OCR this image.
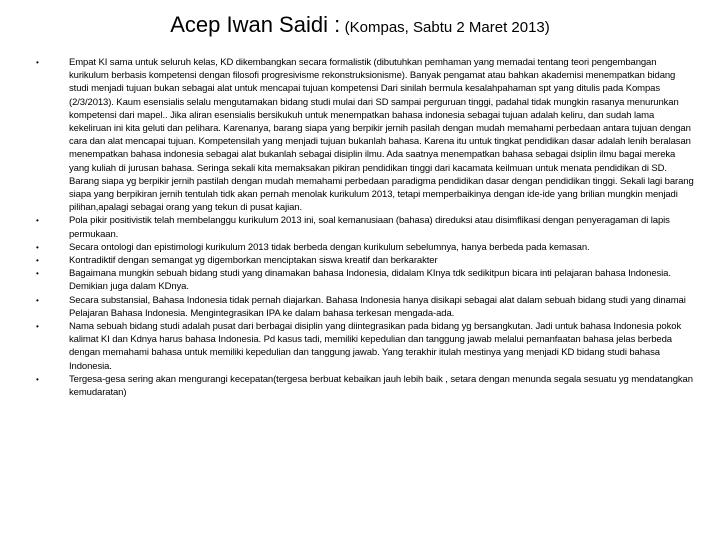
Acep Iwan Saidi : (Kompas, Sabtu 2 Maret 2013)
•	Empat KI sama untuk seluruh kelas, KD dikembangkan secara formalistik (dibutuhkan pemhaman yang memadai tentang teori pengembangan kurikulum berbasis kompetensi dengan filosofi progresivisme rekonstruksionisme). Banyak pengamat atau bahkan akademisi menempatkan bidang studi menjadi tujuan bukan sebagai alat untuk mencapai tujuan kompetensi Dari sinilah bermula kesalahpahaman spt yang ditulis pada Kompas (2/3/2013). Kaum esensialis selalu mengutamakan bidang studi mulai dari SD sampai perguruan tinggi, padahal tidak mungkin rasanya menurunkan kompetensi dari mapel.. Jika aliran esensialis bersikukuh untuk menempatkan bahasa indonesia sebagai tujuan adalah keliru, dan sudah lama kekeliruan ini kita geluti dan pelihara. Karenanya, barang siapa yang berpikir jernih pasilah dengan mudah memahami perbedaan antara tujuan dengan cara dan alat mencapai tujuan. Kompetensilah yang menjadi tujuan bukanlah bahasa. Karena itu untuk tingkat pendidikan dasar adalah lenih beralasan menempatkan bahasa indonesia sebagai alat bukanlah sebagai disiplin ilmu. Ada saatnya menempatkan bahasa sebagai dsiplin ilmu bagai mereka yang kuliah di jurusan bahasa. Seringa sekali kita memaksakan pikiran pendidikan tinggi dari kacamata keilmuan untuk menata pendidikan di SD. Barang siapa yg berpikir jernih pastilah dengan mudah memahami perbedaan paradigma pendidikan dasar dengan pendidikan tinggi. Sekali lagi barang siapa yang berpikiran jernih tentulah tidk akan pernah menolak kurikulum 2013, tetapi memperbaikinya dengan ide-ide yang brilian mungkin menjadi pilihan,apalagi sebagai orang yang tekun di pusat kajian.
•	Pola pikir positivistik telah membelanggu kurikulum 2013 ini, soal kemanusiaan (bahasa) direduksi atau disimflikasi dengan penyeragaman di lapis permukaan.
•	Secara ontologi dan epistimologi kurikulum 2013 tidak berbeda dengan kurikulum sebelumnya, hanya berbeda pada kemasan.
•	Kontradiktif dengan semangat yg digemborkan menciptakan siswa kreatif dan berkarakter
•	Bagaimana mungkin sebuah bidang studi yang dinamakan bahasa Indonesia, didalam KInya tdk sedikitpun bicara inti pelajaran bahasa Indonesia. Demikian juga dalam KDnya.
•	Secara substansial, Bahasa Indonesia tidak pernah diajarkan. Bahasa Indonesia hanya disikapi sebagai alat dalam sebuah bidang studi yang dinamai Pelajaran Bahasa Indonesia. Mengintegrasikan IPA ke dalam bahasa terkesan mengada-ada.
•	Nama sebuah bidang studi adalah pusat dari berbagai disiplin yang diintegrasikan pada bidang yg bersangkutan. Jadi untuk bahasa Indonesia pokok kalimat KI dan Kdnya harus bahasa Indonesia. Pd kasus tadi, memiliki kepedulian dan tanggung jawab melalui pemanfaatan bahasa jelas berbeda dengan memahami bahasa untuk memiliki kepedulian dan tanggung jawab. Yang terakhir itulah mestinya yang menjadi KD bidang studi bahasa Indonesia.
•	Tergesa-gesa sering akan mengurangi kecepatan(tergesa berbuat kebaikan jauh lebih baik , setara dengan menunda segala sesuatu yg mendatangkan kemudaratan)
